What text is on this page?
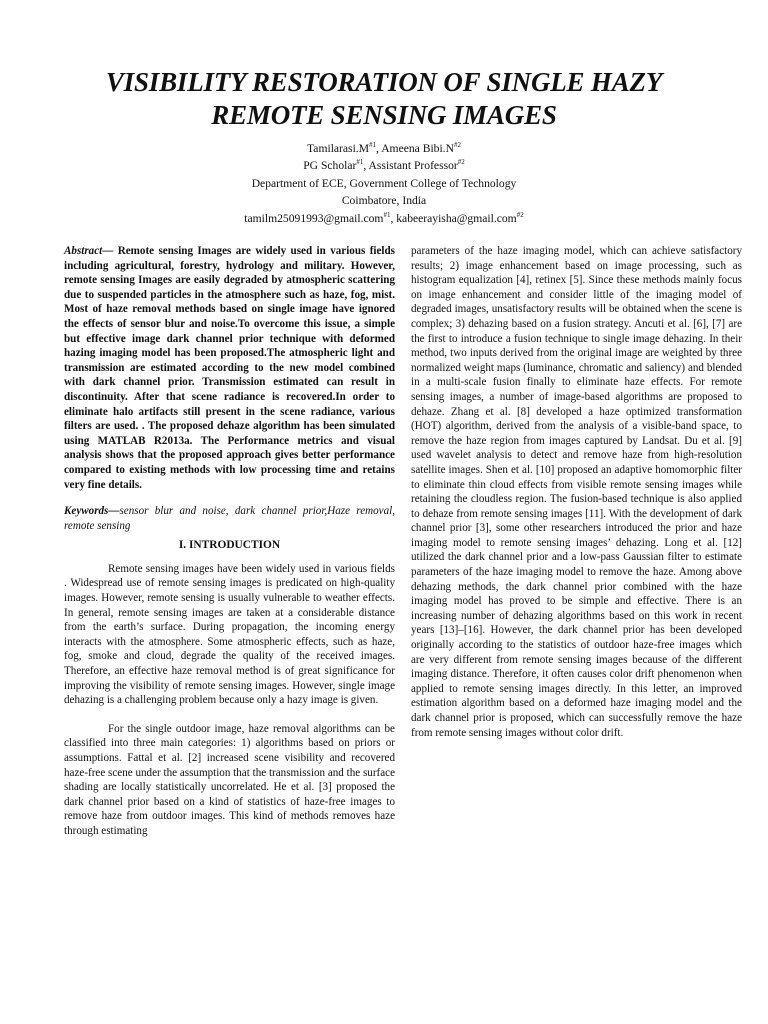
VISIBILITY RESTORATION OF SINGLE HAZY
REMOTE SENSING IMAGES
$Tamilarasi.M^{\#1}$, Ameena $Bibi.N^{\#2}$
PG Scholar$^{\#1}$, Assistant Professor$^{\#2}$
Department of ECE, Government College of Technology
Coimbatore, India
tamilm25091993@gmail.com$^{\#1}$, kabeerayisha@gmail.com$^{\#2}$
Abstract— Remote sensing Images are widely used in various fields including agricultural, forestry, hydrology and military. However, remote sensing Images are easily degraded by atmospheric scattering due to suspended particles in the atmosphere such as haze, fog, mist. Most of haze removal methods based on single image have ignored the effects of sensor blur and noise.To overcome this issue, a simple but effective image dark channel prior technique with deformed hazing imaging model has been proposed.The atmospheric light and transmission are estimated according to the new model combined with dark channel prior. Transmission estimated can result in discontinuity. After that scene radiance is recovered.In order to eliminate halo artifacts still present in the scene radiance, various filters are used. . The proposed dehaze algorithm has been simulated using MATLAB R2013a. The Performance metrics and visual analysis shows that the proposed approach gives better performance compared to existing methods with low processing time and retains very fine details.
Keywords—sensor blur and noise, dark channel prior,Haze removal, remote sensing
I. INTRODUCTION

Remote sensing images have been widely used in various fields . Widespread use of remote sensing images is predicated on high-quality images. However, remote sensing is usually vulnerable to weather effects. In general, remote sensing images are taken at a considerable distance from the earth’s surface. During propagation, the incoming energy interacts with the atmosphere. Some atmospheric effects, such as haze, fog, smoke and cloud, degrade the quality of the received images. Therefore, an effective haze removal method is of great significance for improving the visibility of remote sensing images. However, single image dehazing is a challenging problem because only a hazy image is given.

For the single outdoor image, haze removal algorithms can be classified into three main categories: 1) algorithms based on priors or assumptions. Fattal et al. [2] increased scene visibility and recovered haze-free scene under the assumption that the transmission and the surface shading are locally statistically uncorrelated. He et al. [3] proposed the dark channel prior based on a kind of statistics of haze-free images to remove haze from outdoor images. This kind of methods removes haze through estimating

parameters of the haze imaging model, which can achieve satisfactory results; 2) image enhancement based on image processing, such as histogram equalization [4], retinex [5]. Since these methods mainly focus on image enhancement and consider little of the imaging model of degraded images, unsatisfactory results will be obtained when the scene is complex; 3) dehazing based on a fusion strategy. Ancuti et al. [6], [7] are the first to introduce a fusion technique to single image dehazing. In their method, two inputs derived from the original image are weighted by three normalized weight maps (luminance, chromatic and saliency) and blended in a multi-scale fusion finally to eliminate haze effects. For remote sensing images, a number of image-based algorithms are proposed to dehaze. Zhang et al. [8] developed a haze optimized transformation (HOT) algorithm, derived from the analysis of a visible-band space, to remove the haze region from images captured by Landsat. Du et al. [9] used wavelet analysis to detect and remove haze from high-resolution satellite images. Shen et al. [10] proposed an adaptive homomorphic filter to eliminate thin cloud effects from visible remote sensing images while retaining the cloudless region. The fusion-based technique is also applied to dehaze from remote sensing images [11]. With the development of dark channel prior [3], some other researchers introduced the prior and haze imaging model to remote sensing images’ dehazing. Long et al. [12] utilized the dark channel prior and a low-pass Gaussian filter to estimate parameters of the haze imaging model to remove the haze. Among above dehazing methods, the dark channel prior combined with the haze imaging model has proved to be simple and effective. There is an increasing number of dehazing algorithms based on this work in recent years [13]–[16]. However, the dark channel prior has been developed originally according to the statistics of outdoor haze-free images which are very different from remote sensing images because of the different imaging distance. Therefore, it often causes color drift phenomenon when applied to remote sensing images directly. In this letter, an improved estimation algorithm based on a deformed haze imaging model and the dark channel prior is proposed, which can successfully remove the haze from remote sensing images without color drift.
